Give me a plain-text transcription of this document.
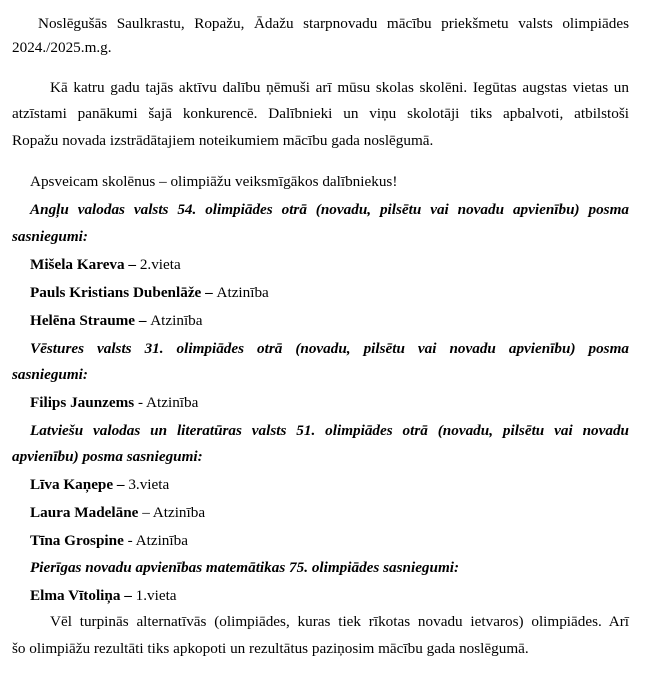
Noslēgušās Saulkrastu, Ropažu, Ādažu starpnovadu mācību priekšmetu valsts olimpiādes
2024./2025.m.g.
Kā katru gadu tajās aktīvu dalību ņēmuši arī mūsu skolas skolēni. Iegūtas augstas vietas un
atzīstami panākumi šajā konkurencē. Dalībnieki un viņu skolotāji tiks apbalvoti, atbilstoši
Ropažu novada izstrādātajiem noteikumiem mācību gada noslēgumā.
Apsveicam skolēnus – olimpiāžu veiksmīgākos dalībniekus!
Angļu valodas valsts 54. olimpiādes otrā (novadu, pilsētu vai novadu apvienību) posma
sasniegumi:
Mišela Kareva – 2.vieta
Pauls Kristians Dubenlāže – Atzinība
Helēna Straume – Atzinība
Vēstures valsts 31. olimpiādes otrā (novadu, pilsētu vai novadu apvienību) posma
sasniegumi:
Filips Jaunzems - Atzinība
Latviešu valodas un literatūras valsts 51. olimpiādes otrā (novadu, pilsētu vai novadu
apvienību) posma sasniegumi:
Līva Kaņepe – 3.vieta
Laura Madelāne – Atzinība
Tīna Grospine - Atzinība
Pierīgas novadu apvienības matemātikas 75. olimpiādes sasniegumi:
Elma Vītoliņa – 1.vieta
Vēl turpinās alternatīvās (olimpiādes, kuras tiek rīkotas novadu ietvaros) olimpiādes. Arī
šo olimpiāžu rezultāti tiks apkopoti un rezultātus paziņosim mācību gada noslēgumā.
